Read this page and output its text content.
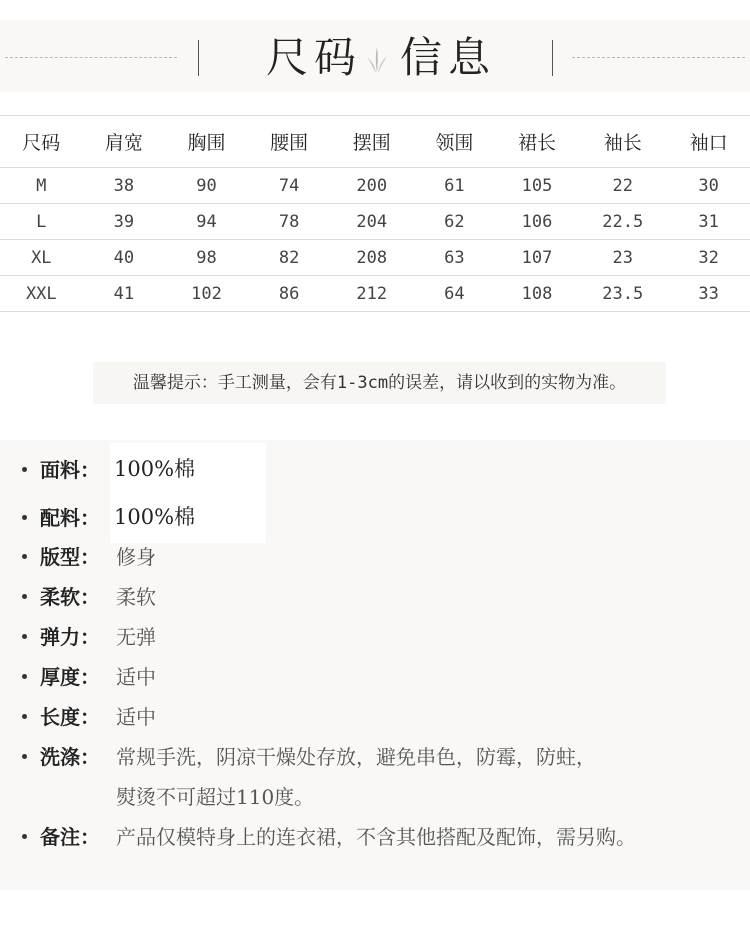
尺码 信息
尺码	肩宽	胸围	腰围	摆围	领围	裙长	袖长	袖口
M	38	90	74	200	61	105	22	30
L	39	94	78	204	62	106	22.5	31
XL	40	98	82	208	63	107	23	32
XXL	41	102	86	212	64	108	23.5	33
温馨提示：手工测量，会有1-3cm的误差，请以收到的实物为准。
面料： 100%棉
配料： 100%棉
版型： 修身
柔软： 柔软
弹力： 无弹
厚度： 适中
长度： 适中
洗涤： 常规手洗，阴凉干燥处存放，避免串色，防霉，防蛀，
熨烫不可超过110度。
备注： 产品仅模特身上的连衣裙，不含其他搭配及配饰，需另购。
